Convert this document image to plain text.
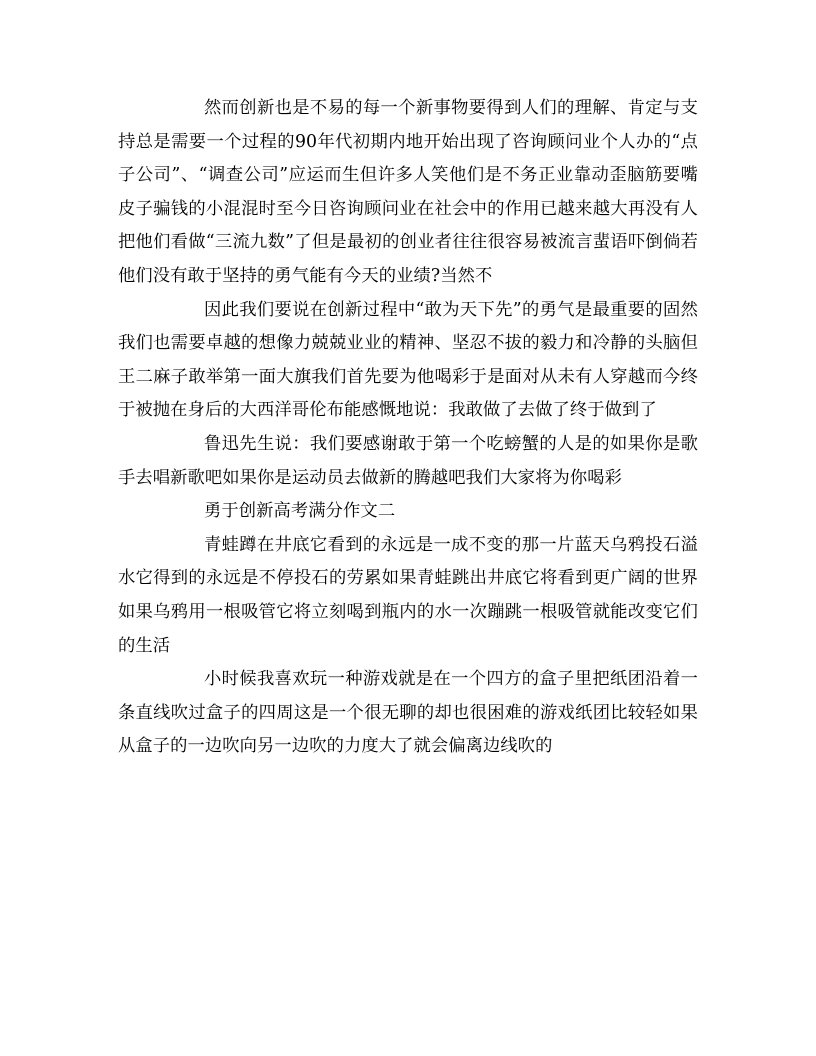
然而创新也是不易的每一个新事物要得到人们的理解、肯定与支持总是需要一个过程的90年代初期内地开始出现了咨询顾问业个人办的“点子公司”、“调查公司”应运而生但许多人笑他们是不务正业靠动歪脑筋要嘴皮子骗钱的小混混时至今日咨询顾问业在社会中的作用已越来越大再没有人把他们看做“三流九数”了但是最初的创业者往往很容易被流言蜚语吓倒倘若他们没有敢于坚持的勇气能有今天的业绩?当然不

因此我们要说在创新过程中“敢为天下先”的勇气是最重要的固然我们也需要卓越的想像力兢兢业业的精神、坚忍不拔的毅力和冷静的头脑但王二麻子敢举第一面大旗我们首先要为他喝彩于是面对从未有人穿越而今终于被抛在身后的大西洋哥伦布能感慨地说：我敢做了去做了终于做到了

鲁迅先生说：我们要感谢敢于第一个吃螃蟹的人是的如果你是歌手去唱新歌吧如果你是运动员去做新的腾越吧我们大家将为你喝彩

勇于创新高考满分作文二

青蛙蹲在井底它看到的永远是一成不变的那一片蓝天乌鸦投石溢水它得到的永远是不停投石的劳累如果青蛙跳出井底它将看到更广阔的世界如果乌鸦用一根吸管它将立刻喝到瓶内的水一次蹦跳一根吸管就能改变它们的生活

小时候我喜欢玩一种游戏就是在一个四方的盒子里把纸团沿着一条直线吹过盒子的四周这是一个很无聊的却也很困难的游戏纸团比较轻如果从盒子的一边吹向另一边吹的力度大了就会偏离边线吹的
